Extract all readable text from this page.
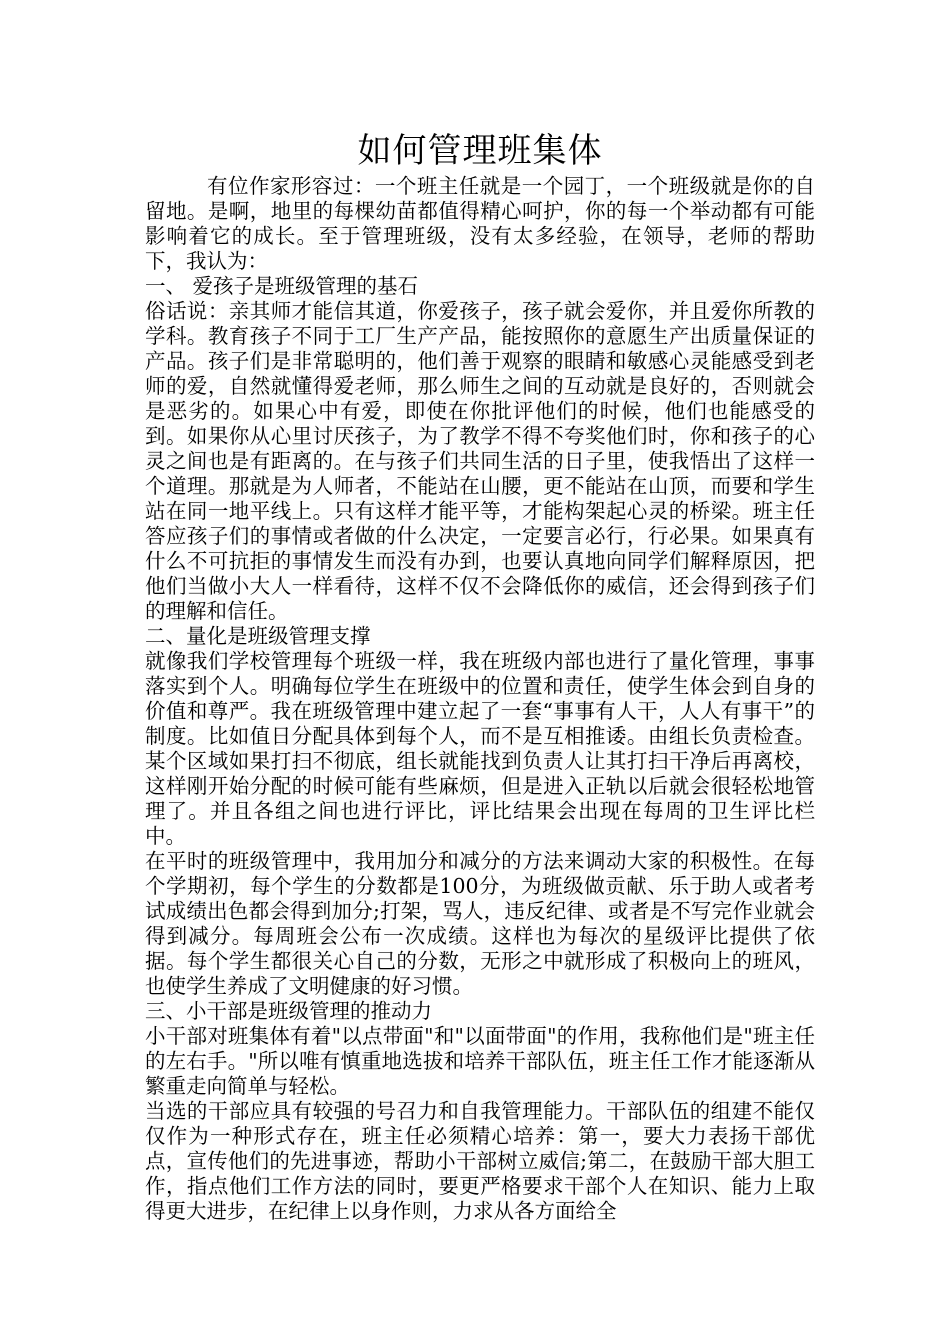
如何管理班集体

有位作家形容过：一个班主任就是一个园丁，一个班级就是你的自留地。是啊，地里的每棵幼苗都值得精心呵护，你的每一个举动都有可能影响着它的成长。至于管理班级，没有太多经验，在领导，老师的帮助下，我认为：

一、 爱孩子是班级管理的基石

俗话说：亲其师才能信其道，你爱孩子，孩子就会爱你，并且爱你所教的学科。教育孩子不同于工厂生产产品，能按照你的意愿生产出质量保证的产品。孩子们是非常聪明的，他们善于观察的眼睛和敏感心灵能感受到老师的爱，自然就懂得爱老师，那么师生之间的互动就是良好的，否则就会是恶劣的。如果心中有爱，即使在你批评他们的时候，他们也能感受的到。如果你从心里讨厌孩子，为了教学不得不夸奖他们时，你和孩子的心灵之间也是有距离的。在与孩子们共同生活的日子里，使我悟出了这样一个道理。那就是为人师者，不能站在山腰，更不能站在山顶，而要和学生站在同一地平线上。只有这样才能平等，才能构架起心灵的桥梁。班主任答应孩子们的事情或者做的什么决定，一定要言必行，行必果。如果真有什么不可抗拒的事情发生而没有办到，也要认真地向同学们解释原因，把他们当做小大人一样看待，这样不仅不会降低你的威信，还会得到孩子们的理解和信任。

二、量化是班级管理支撑

就像我们学校管理每个班级一样，我在班级内部也进行了量化管理，事事落实到个人。明确每位学生在班级中的位置和责任，使学生体会到自身的价值和尊严。我在班级管理中建立起了一套“事事有人干，人人有事干”的制度。比如值日分配具体到每个人，而不是互相推诿。由组长负责检查。某个区域如果打扫不彻底，组长就能找到负责人让其打扫干净后再离校，这样刚开始分配的时候可能有些麻烦，但是进入正轨以后就会很轻松地管理了。并且各组之间也进行评比，评比结果会出现在每周的卫生评比栏中。

在平时的班级管理中，我用加分和减分的方法来调动大家的积极性。在每个学期初，每个学生的分数都是100分，为班级做贡献、乐于助人或者考试成绩出色都会得到加分;打架，骂人，违反纪律、或者是不写完作业就会得到减分。每周班会公布一次成绩。这样也为每次的星级评比提供了依据。每个学生都很关心自己的分数，无形之中就形成了积极向上的班风，也使学生养成了文明健康的好习惯。

三、小干部是班级管理的推动力

小干部对班集体有着"以点带面"和"以面带面"的作用，我称他们是"班主任的左右手。"所以唯有慎重地选拔和培养干部队伍，班主任工作才能逐渐从繁重走向简单与轻松。

当选的干部应具有较强的号召力和自我管理能力。干部队伍的组建不能仅仅作为一种形式存在，班主任必须精心培养：第一，要大力表扬干部优点，宣传他们的先进事迹，帮助小干部树立威信;第二，在鼓励干部大胆工作，指点他们工作方法的同时，要更严格要求干部个人在知识、能力上取得更大进步，在纪律上以身作则，力求从各方面给全
